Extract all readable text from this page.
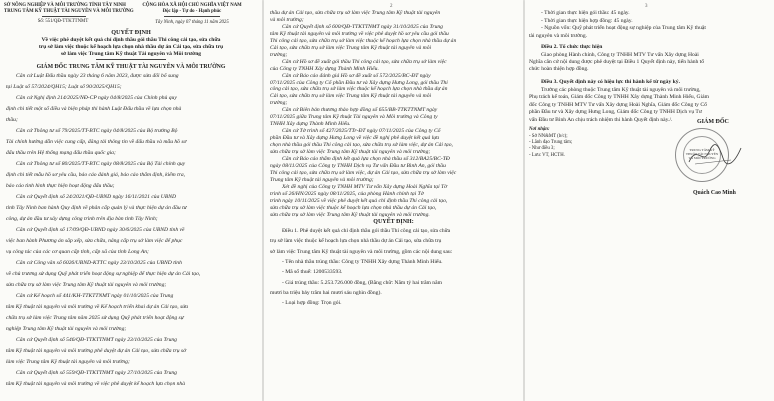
SỞ NÔNG NGHIỆP VÀ MÔI TRƯỜNG TỈNH TÂY NINH
TRUNG TÂM KỸ THUẬT TÀI NGUYÊN VÀ MÔI TRƯỜNG
Số: 551/QĐ-TTKTTNMT
CỘNG HÒA XÃ HỘI CHỦ NGHĨA VIỆT NAM
Độc lập - Tự do - Hạnh phúc
Tây Ninh, ngày 07 tháng 11 năm 2025
QUYẾT ĐỊNH
Về việc phê duyệt kết quả chỉ định thầu gói thầu Thi công cải tạo, sửa chữa
trụ sở làm việc thuộc kế hoạch lựa chọn nhà thầu dự án Cải tạo, sửa chữa trụ
sở làm việc Trung tâm Kỹ thuật Tài nguyên và Môi trường
GIÁM ĐỐC TRUNG TÂM KỸ THUẬT TÀI NGUYÊN VÀ MÔI TRƯỜNG
Căn cứ Luật Đấu thầu ngày 23 tháng 6 năm 2023, được sửa đổi bổ sung
tại Luật số 57/2024/QH15; Luật số 90/2025/QH15;
Căn cứ Nghị định 214/2025/NĐ-CP ngày 04/8/2025 của Chính phủ quy
định chi tiết một số điều và biện pháp thi hành Luật Đấu thầu về lựa chọn nhà
thầu;
Căn cứ Thông tư số 79/2025/TT-BTC ngày 04/8/2025 của Bộ trưởng Bộ
Tài chính hướng dẫn việc cung cấp, đăng tải thông tin về đấu thầu và mẫu hồ sơ
đấu thầu trên Hệ thống mạng đấu thầu quốc gia;
Căn cứ Thông tư số 80/2025/TT-BTC ngày 08/8/2025 của Bộ Tài chính quy
định chi tiết mẫu hồ sơ yêu cầu, báo cáo đánh giá, báo cáo thẩm định, kiểm tra,
báo cáo tình hình thực hiện hoạt động đấu thầu;
Căn cứ Quyết định số 24/2021/QĐ-UBND ngày 16/11/2021 của UBND
tỉnh Tây Ninh ban hành Quy định về phân cấp quản lý và thực hiện dự án đầu tư
công, dự án đầu tư xây dựng công trình trên địa bàn tỉnh Tây Ninh;
Căn cứ Quyết định số 17/09/QĐ-UBND ngày 30/6/2025 của UBND tỉnh về
việc ban hành Phương án sắp xếp, sửa chữa, nâng cấp trụ sở làm việc để phục
vụ công tác của các cơ quan cấp tỉnh, cấp xã của tỉnh Long An;
Căn cứ Công văn số 6026/UBND-KTTC ngày 23/10/2025 của UBND tỉnh
về chủ trương sử dụng Quỹ phát triển hoạt động sự nghiệp để thực hiện dự án Cải tạo,
sửa chữa trụ sở làm việc Trung tâm Kỹ thuật tài nguyên và môi trường;
Căn cứ Kế hoạch số 441/KH-TTKTTNMT ngày 01/10/2025 của Trung
tâm Kỹ thuật tài nguyên và môi trường về Kế hoạch triển khai dự án Cải tạo, sửa
chữa trụ sở làm việc Trung tâm năm 2025 sử dụng Quỹ phát triển hoạt động sự
nghiệp Trung tâm Kỹ thuật tài nguyên và môi trường;
Căn cứ Quyết định số 546/QĐ-TTKTTNMT ngày 23/10/2025 của Trung
tâm Kỹ thuật tài nguyên và môi trường phê duyệt dự án Cải tạo, sửa chữa trụ sở
làm việc Trung tâm Kỹ thuật tài nguyên và môi trường;
Căn cứ Quyết định số 559/QĐ-TTKTTNMT ngày 27/10/2025 của Trung
tâm Kỹ thuật tài nguyên và môi trường về việc phê duyệt kế hoạch lựa chọn nhà
2
thầu dự án Cải tạo, sửa chữa trụ sở làm việc Trung tâm Kỹ thuật tài nguyên
và môi trường;
Căn cứ Quyết định số 600/QĐ-TTKTTNMT ngày 31/10/2025 của Trung
tâm Kỹ thuật tài nguyên và môi trường về việc phê duyệt hồ sơ yêu cầu gói thầu
Thi công cải tạo, sửa chữa trụ sở làm việc thuộc kế hoạch lựa chọn nhà thầu dự án
Cải tạo, sửa chữa trụ sở làm việc Trung tâm Kỹ thuật tài nguyên và môi
trường;
Căn cứ Hồ sơ đề xuất gói thầu Thi công cải tạo, sửa chữa trụ sở làm việc
của Công ty TNHH Xây dựng Thành Minh Hiếu.
Căn cứ Báo cáo đánh giá Hồ sơ đề xuất số 572/2025/BC-ĐT ngày
07/11/2025 của Công ty Cổ phần Đầu tư và Xây dựng Hưng Long, gói thầu Thi
công cải tạo, sửa chữa trụ sở làm việc thuộc kế hoạch lựa chọn nhà thầu dự án
Cải tạo, sửa chữa trụ sở làm việc Trung tâm Kỹ thuật tài nguyên và môi
trường;
Căn cứ Biên bản thương thảo hợp đồng số 655/BB-TTKTTNMT ngày
07/11/2025 giữa Trung tâm Kỹ thuật Tài nguyên và Môi trường và Công ty
TNHH Xây dựng Thành Minh Hiếu.
Căn cứ Tờ trình số 427/2025/TTr-ĐT ngày 07/11/2025 của Công ty Cổ
phần Đầu tư và Xây dựng Hưng Long về việc đề nghị phê duyệt kết quả lựa
chọn nhà thầu gói thầu Thi công cải tạo, sửa chữa trụ sở làm việc, dự án Cải tạo,
sửa chữa trụ sở làm việc Trung tâm Kỹ thuật tài nguyên và môi trường;
Căn cứ Báo cáo thẩm định kết quả lựa chọn nhà thầu số 312/BA25/BC-TĐ
ngày 08/11/2025 của Công ty TNHH Dịch vụ Tư vấn Đầu tư Bình An, gói thầu
Thi công cải tạo, sửa chữa trụ sở làm việc, dự án Cải tạo, sửa chữa trụ sở làm việc
Trung tâm Kỹ thuật tài nguyên và môi trường;
Xét đề nghị của Công ty TNHH MTV Tư vấn Xây dựng Hoài Nghĩa tại Tờ
trình số 26/HN/2025 ngày 08/11/2025, của phòng Hành chính tại Tờ
trình ngày 10/11/2025 về việc phê duyệt kết quả chỉ định thầu Thi công cải tạo,
sửa chữa trụ sở làm việc thuộc kế hoạch lựa chọn nhà thầu dự án Cải tạo,
sửa chữa trụ sở làm việc Trung tâm Kỹ thuật tài nguyên và môi trường.
QUYẾT ĐỊNH:
Điều 1. Phê duyệt kết quả chỉ định thầu gói thầu Thi công cải tạo, sửa chữa
trụ sở làm việc thuộc kế hoạch lựa chọn nhà thầu dự án Cải tạo, sửa chữa trụ
sở làm việc Trung tâm Kỹ thuật tài nguyên và môi trường, gồm các nội dung sau:
- Tên nhà thầu trúng thầu: Công ty TNHH Xây dựng Thành Minh Hiếu.
- Mã số thuế: 1200533593.
- Giá trúng thầu: 5.253.726.000 đồng, (Bằng chữ: Năm tỷ hai trăm năm
mươi ba triệu bảy trăm hai mươi sáu nghìn đồng).
- Loại hợp đồng: Trọn gói.
3
- Thời gian thực hiện gói thầu: 45 ngày.
- Thời gian thực hiện hợp đồng: 45 ngày.
- Nguồn vốn: Quỹ phát triển hoạt động sự nghiệp của Trung tâm Kỹ thuật
tài nguyên và môi trường.
Điều 2. Tổ chức thực hiện
Giao phòng Hành chính, Công ty TNHH MTV Tư vấn Xây dựng Hoài
Nghĩa căn cứ nội dung được phê duyệt tại Điều 1 Quyết định này, tiến hành tổ
chức hoàn thiện hợp đồng.
Điều 3. Quyết định này có hiệu lực thi hành kể từ ngày ký.
Trưởng các phòng thuộc Trung tâm Kỹ thuật tài nguyên và môi trường,
Phụ trách kế toán, Giám đốc Công ty TNHH Xây dựng Thành Minh Hiếu, Giám
đốc Công ty TNHH MTV Tư vấn Xây dựng Hoài Nghĩa, Giám đốc Công ty Cổ
phần Đầu tư và Xây dựng Hưng Long, Giám đốc Công ty TNHH Dịch vụ Tư
vấn Đầu tư Bình An chịu trách nhiệm thi hành Quyết định này./.
Nơi nhận:
- Sở NN&MT (b/c);
- Lãnh đạo Trung tâm;
- Như điều 3;
- Lưu: VT, HCTH.
GIÁM ĐỐC
TRUNG TÂM KỸ THUẬT TÀI NGUYÊN VÀ MÔI TRƯỜNG
Quách Cao Minh
